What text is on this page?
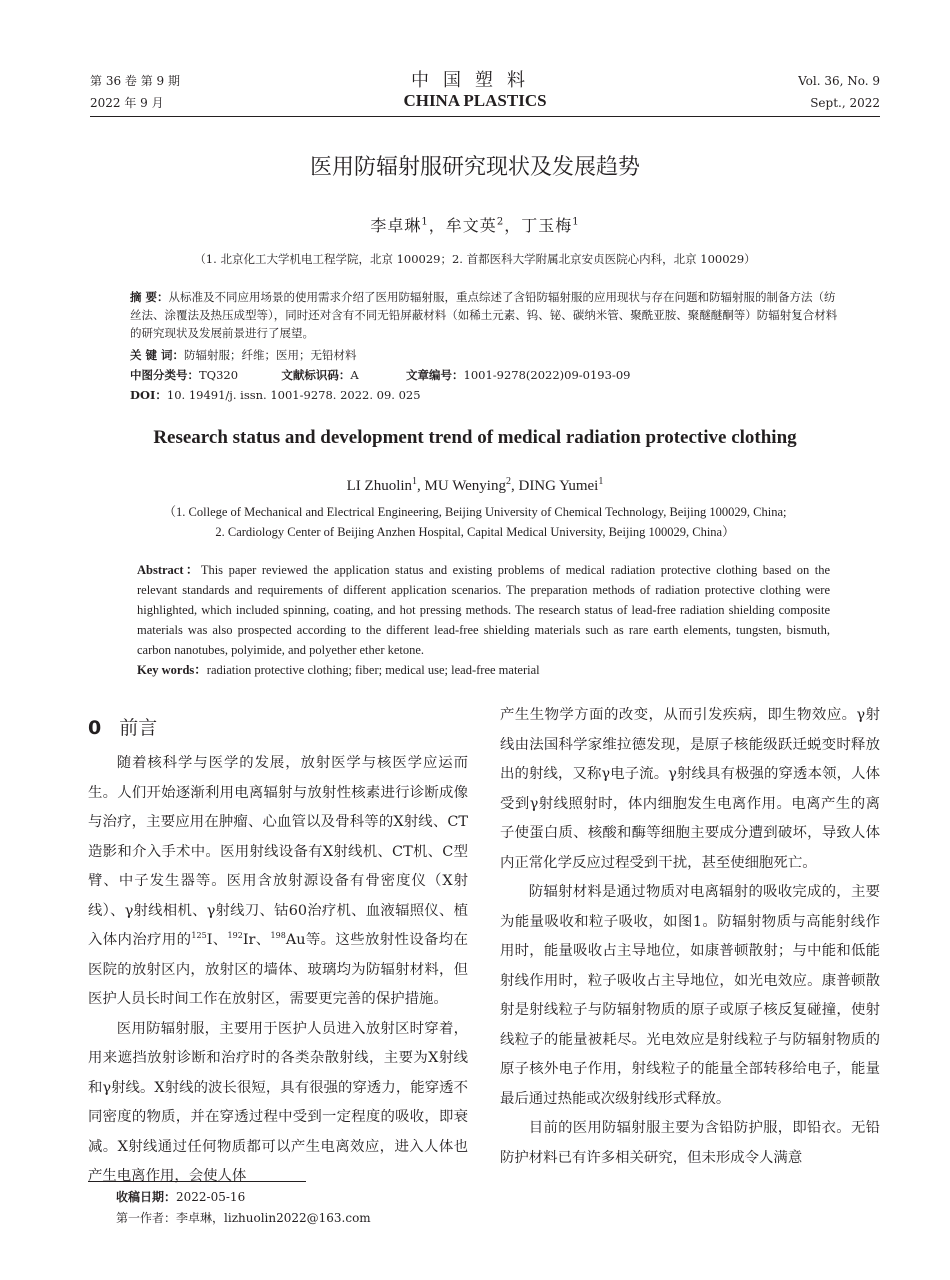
第 36 卷 第 9 期
2022 年 9 月
中国塑料
CHINA PLASTICS
Vol. 36, No. 9
Sept., 2022
医用防辐射服研究现状及发展趋势
李卓琳$^1$，牟文英$^2$，丁玉梅$^1$
（1. 北京化工大学机电工程学院，北京 100029；2. 首都医科大学附属北京安贞医院心内科，北京 100029）
摘 要：从标准及不同应用场景的使用需求介绍了医用防辐射服，重点综述了含铅防辐射服的应用现状与存在问题和防辐射服的制备方法（纺丝法、涂覆法及热压成型等），同时还对含有不同无铅屏蔽材料（如稀土元素、钨、铋、碳纳米管、聚酰亚胺、聚醚醚酮等）防辐射复合材料的研究现状及发展前景进行了展望。
关 键 词：防辐射服；纤维；医用；无铅材料
中图分类号：TQ320	文献标识码：A	文章编号：1001-9278(2022)09-0193-09
DOI：10. 19491/j. issn. 1001-9278. 2022. 09. 025
Research status and development trend of medical radiation protective clothing
LI Zhuolin$^1$, MU Wenying$^2$, DING Yumei$^1$
（1. College of Mechanical and Electrical Engineering, Beijing University of Chemical Technology, Beijing 100029, China;
2. Cardiology Center of Beijing Anzhen Hospital, Capital Medical University, Beijing 100029, China）
Abstract：This paper reviewed the application status and existing problems of medical radiation protective clothing based on the relevant standards and requirements of different application scenarios. The preparation methods of radiation protective clothing were highlighted, which included spinning, coating, and hot pressing methods. The research status of lead-free radiation shielding composite materials was also prospected according to the different lead-free shielding materials such as rare earth elements, tungsten, bismuth, carbon nanotubes, polyimide, and polyether ether ketone.
Key words：radiation protective clothing; fiber; medical use; lead-free material
0 前言

随着核科学与医学的发展，放射医学与核医学应运而生。人们开始逐渐利用电离辐射与放射性核素进行诊断成像与治疗，主要应用在肿瘤、心血管以及骨科等的X射线、CT造影和介入手术中。医用射线设备有X射线机、CT机、C型臂、中子发生器等。医用含放射源设备有骨密度仪（X射线）、γ射线相机、γ射线刀、钴60治疗机、血液辐照仪、植入体内治疗用的$^{125}$I、$^{192}$Ir、$^{198}$Au等。这些放射性设备均在医院的放射区内，放射区的墙体、玻璃均为防辐射材料，但医护人员长时间工作在放射区，需要更完善的保护措施。

医用防辐射服，主要用于医护人员进入放射区时穿着，用来遮挡放射诊断和治疗时的各类杂散射线，主要为X射线和γ射线。X射线的波长很短，具有很强的穿透力，能穿透不同密度的物质，并在穿透过程中受到一定程度的吸收，即衰减。X射线通过任何物质都可以产生电离效应，进入人体也产生电离作用，会使人体

产生生物学方面的改变，从而引发疾病，即生物效应。γ射线由法国科学家维拉德发现，是原子核能级跃迁蜕变时释放出的射线，又称γ电子流。γ射线具有极强的穿透本领，人体受到γ射线照射时，体内细胞发生电离作用。电离产生的离子使蛋白质、核酸和酶等细胞主要成分遭到破坏，导致人体内正常化学反应过程受到干扰，甚至使细胞死亡。

防辐射材料是通过物质对电离辐射的吸收完成的，主要为能量吸收和粒子吸收，如图1。防辐射物质与高能射线作用时，能量吸收占主导地位，如康普顿散射；与中能和低能射线作用时，粒子吸收占主导地位，如光电效应。康普顿散射是射线粒子与防辐射物质的原子或原子核反复碰撞，使射线粒子的能量被耗尽。光电效应是射线粒子与防辐射物质的原子核外电子作用，射线粒子的能量全部转移给电子，能量最后通过热能或次级射线形式释放。

目前的医用防辐射服主要为含铅防护服，即铅衣。无铅防护材料已有许多相关研究，但未形成令人满意

收稿日期：2022-05-16
第一作者：李卓琳，lizhuolin2022@163.com
